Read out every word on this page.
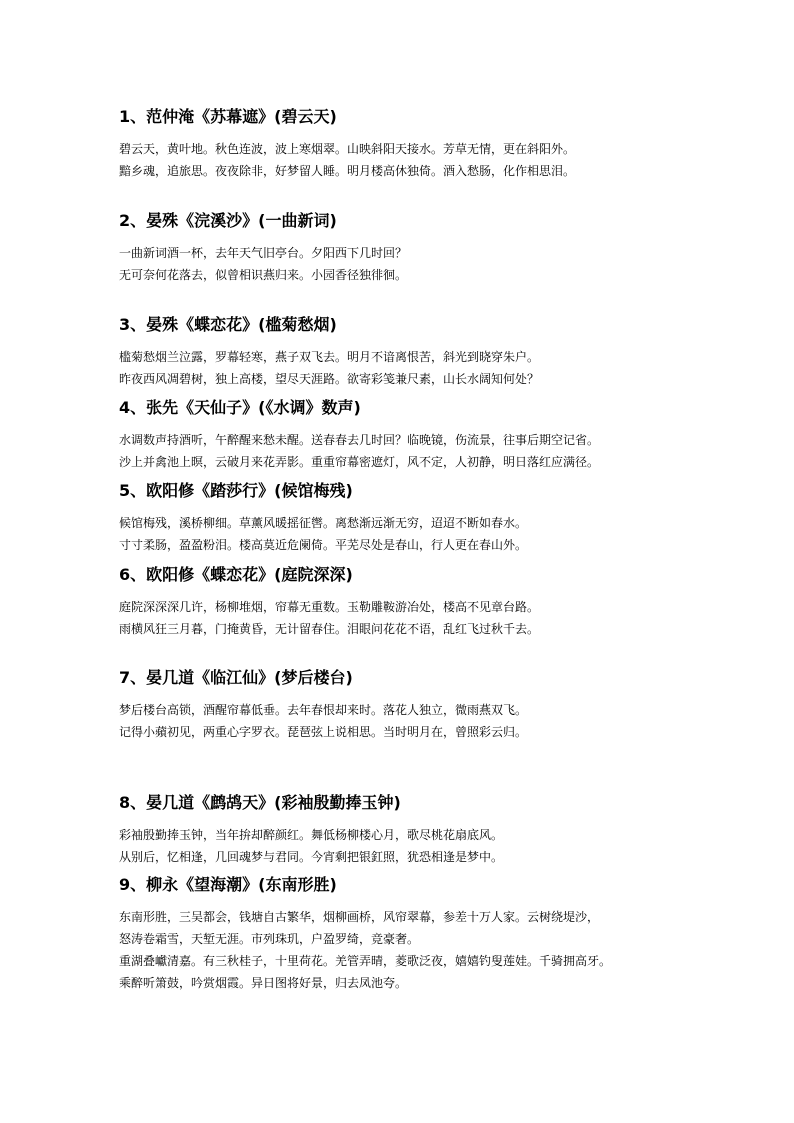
1、范仲淹《苏幕遮》(碧云天)

碧云天，黄叶地。秋色连波，波上寒烟翠。山映斜阳天接水。芳草无情，更在斜阳外。

黯乡魂，追旅思。夜夜除非，好梦留人睡。明月楼高休独倚。酒入愁肠，化作相思泪。

2、晏殊《浣溪沙》(一曲新词)

一曲新词酒一杯，去年天气旧亭台。夕阳西下几时回？

无可奈何花落去，似曾相识燕归来。小园香径独徘徊。

3、晏殊《蝶恋花》(槛菊愁烟)

槛菊愁烟兰泣露，罗幕轻寒，燕子双飞去。明月不谙离恨苦，斜光到晓穿朱户。

昨夜西风凋碧树，独上高楼，望尽天涯路。欲寄彩笺兼尺素，山长水阔知何处？

4、张先《天仙子》(《水调》数声)

水调数声持酒听，午醉醒来愁未醒。送春春去几时回？临晚镜，伤流景，往事后期空记省。

沙上并禽池上暝，云破月来花弄影。重重帘幕密遮灯，风不定，人初静，明日落红应满径。

5、欧阳修《踏莎行》(候馆梅残)

候馆梅残，溪桥柳细。草薰风暖摇征辔。离愁渐远渐无穷，迢迢不断如春水。

寸寸柔肠，盈盈粉泪。楼高莫近危阑倚。平芜尽处是春山，行人更在春山外。

6、欧阳修《蝶恋花》(庭院深深)

庭院深深深几许，杨柳堆烟，帘幕无重数。玉勒雕鞍游冶处，楼高不见章台路。

雨横风狂三月暮，门掩黄昏，无计留春住。泪眼问花花不语，乱红飞过秋千去。

7、晏几道《临江仙》(梦后楼台)

梦后楼台高锁，酒醒帘幕低垂。去年春恨却来时。落花人独立，微雨燕双飞。

记得小蘋初见，两重心字罗衣。琵琶弦上说相思。当时明月在，曾照彩云归。

8、晏几道《鹧鸪天》(彩袖殷勤捧玉钟)

彩袖殷勤捧玉钟，当年拚却醉颜红。舞低杨柳楼心月，歌尽桃花扇底风。

从别后，忆相逢，几回魂梦与君同。今宵剩把银釭照，犹恐相逢是梦中。

9、柳永《望海潮》(东南形胜)

东南形胜，三吴都会，钱塘自古繁华，烟柳画桥，风帘翠幕，参差十万人家。云树绕堤沙，

怒涛卷霜雪，天堑无涯。市列珠玑，户盈罗绮，竞豪奢。

重湖叠巘清嘉。有三秋桂子，十里荷花。羌管弄晴，菱歌泛夜，嬉嬉钓叟莲娃。千骑拥高牙。

乘醉听箫鼓，吟赏烟霞。异日图将好景，归去凤池夸。
